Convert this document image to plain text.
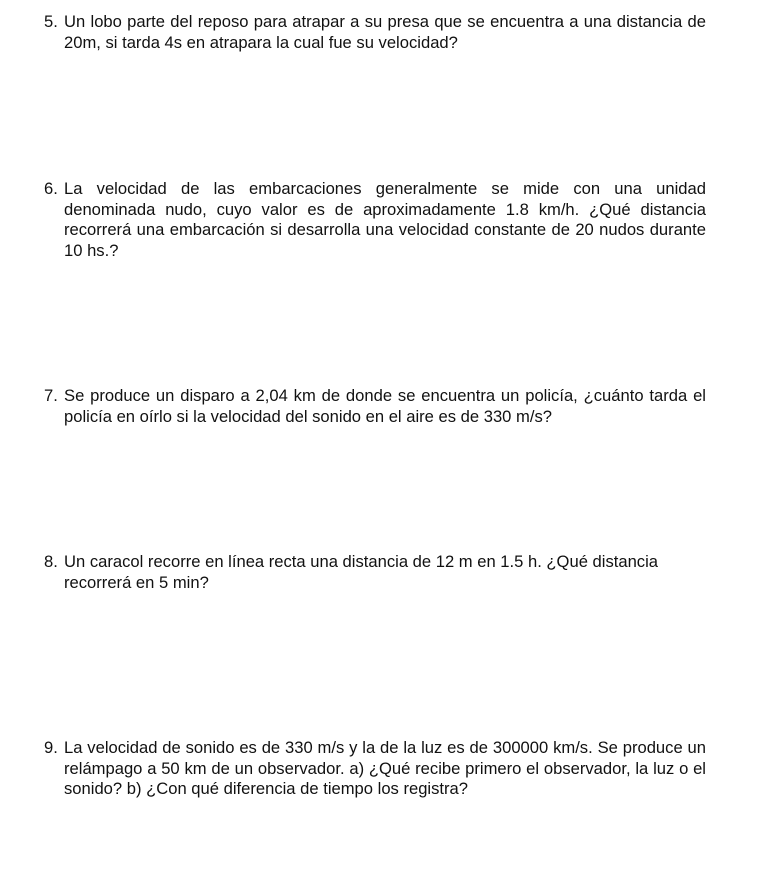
5. Un lobo parte del reposo para atrapar a su presa que se encuentra a una distancia de 20m, si tarda 4s en atrapara la cual fue su velocidad?
6. La velocidad de las embarcaciones generalmente se mide con una unidad denominada nudo, cuyo valor es de aproximadamente 1.8 km/h. ¿Qué distancia recorrerá una embarcación si desarrolla una velocidad constante de 20 nudos durante 10 hs.?
7. Se produce un disparo a 2,04 km de donde se encuentra un policía, ¿cuánto tarda el policía en oírlo si la velocidad del sonido en el aire es de 330 m/s?
8. Un caracol recorre en línea recta una distancia de 12 m en 1.5 h. ¿Qué distancia recorrerá en 5 min?
9. La velocidad de sonido es de 330 m/s y la de la luz es de 300000 km/s. Se produce un relámpago a 50 km de un observador. a) ¿Qué recibe primero el observador, la luz o el sonido? b) ¿Con qué diferencia de tiempo los registra?
